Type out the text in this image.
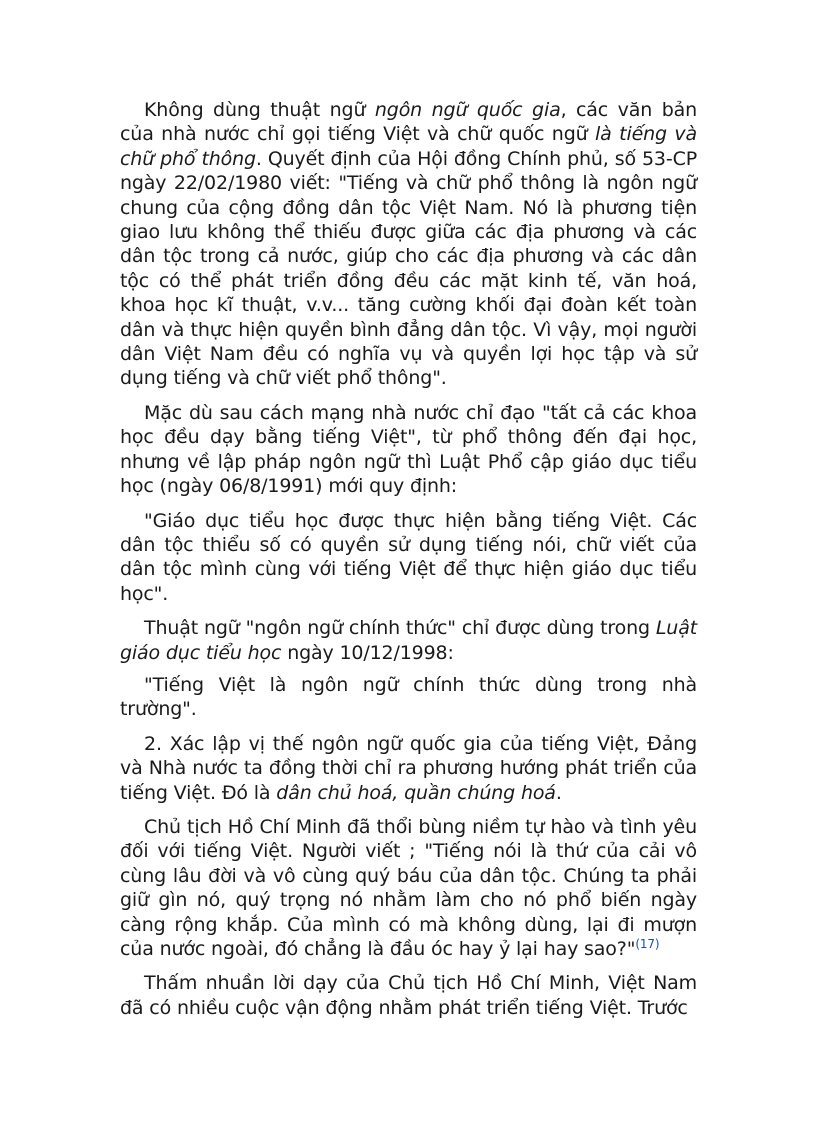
Không dùng thuật ngữ ngôn ngữ quốc gia, các văn bản của nhà nước chỉ gọi tiếng Việt và chữ quốc ngữ là tiếng và chữ phổ thông. Quyết định của Hội đồng Chính phủ, số 53-CP ngày 22/02/1980 viết: "Tiếng và chữ phổ thông là ngôn ngữ chung của cộng đồng dân tộc Việt Nam. Nó là phương tiện giao lưu không thể thiếu được giữa các địa phương và các dân tộc trong cả nước, giúp cho các địa phương và các dân tộc có thể phát triển đồng đều các mặt kinh tế, văn hoá, khoa học kĩ thuật, v.v... tăng cường khối đại đoàn kết toàn dân và thực hiện quyền bình đẳng dân tộc. Vì vậy, mọi người dân Việt Nam đều có nghĩa vụ và quyền lợi học tập và sử dụng tiếng và chữ viết phổ thông".

Mặc dù sau cách mạng nhà nước chỉ đạo "tất cả các khoa học đều dạy bằng tiếng Việt", từ phổ thông đến đại học, nhưng về lập pháp ngôn ngữ thì Luật Phổ cập giáo dục tiểu học (ngày 06/8/1991) mới quy định:

"Giáo dục tiểu học được thực hiện bằng tiếng Việt. Các dân tộc thiểu số có quyền sử dụng tiếng nói, chữ viết của dân tộc mình cùng với tiếng Việt để thực hiện giáo dục tiểu học".

Thuật ngữ "ngôn ngữ chính thức" chỉ được dùng trong Luật giáo dục tiểu học ngày 10/12/1998:

"Tiếng Việt là ngôn ngữ chính thức dùng trong nhà trường".

2. Xác lập vị thế ngôn ngữ quốc gia của tiếng Việt, Đảng và Nhà nước ta đồng thời chỉ ra phương hướng phát triển của tiếng Việt. Đó là dân chủ hoá, quần chúng hoá.

Chủ tịch Hồ Chí Minh đã thổi bùng niềm tự hào và tình yêu đối với tiếng Việt. Người viết ; "Tiếng nói là thứ của cải vô cùng lâu đời và vô cùng quý báu của dân tộc. Chúng ta phải giữ gìn nó, quý trọng nó nhằm làm cho nó phổ biến ngày càng rộng khắp. Của mình có mà không dùng, lại đi mượn của nước ngoài, đó chẳng là đầu óc hay ỷ lại hay sao?"$^{(17)}$

Thấm nhuần lời dạy của Chủ tịch Hồ Chí Minh, Việt Nam đã có nhiều cuộc vận động nhằm phát triển tiếng Việt. Trước
